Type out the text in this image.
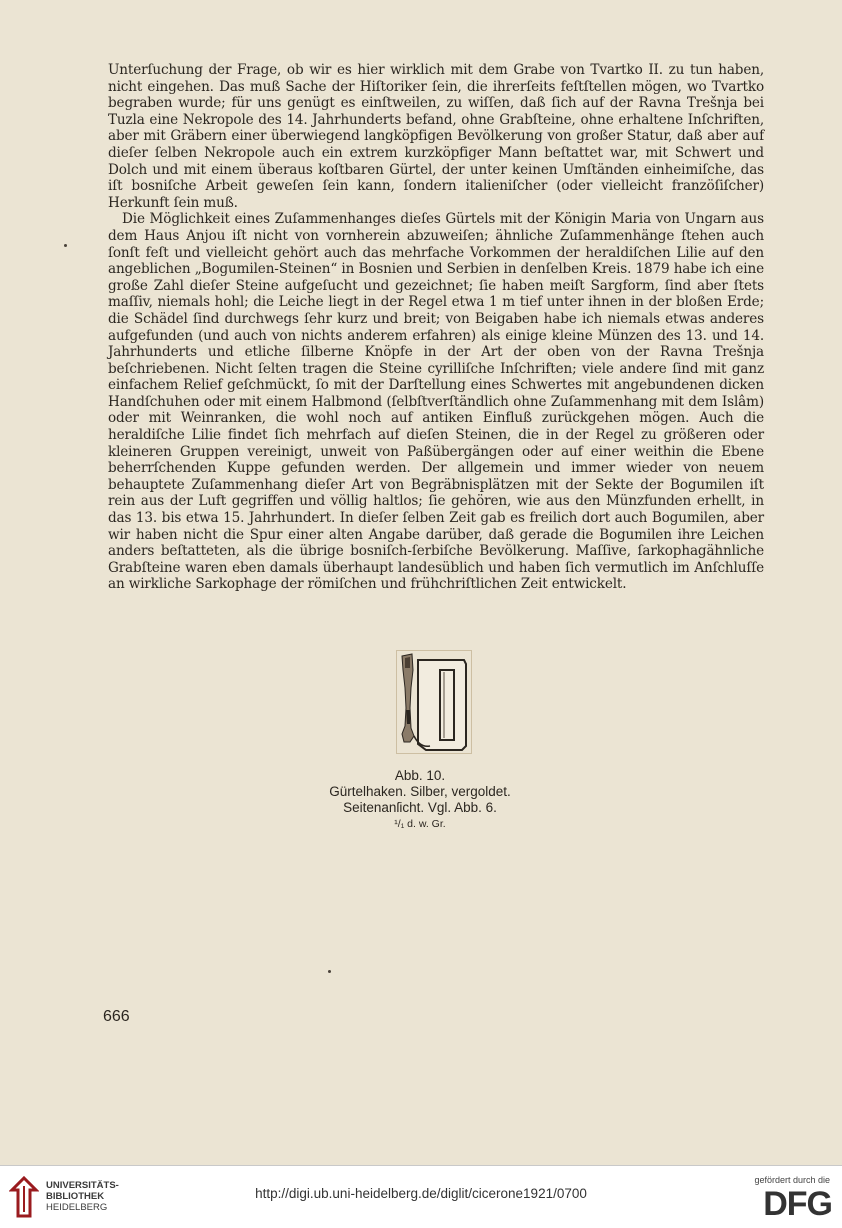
Unterſuchung der Frage, ob wir es hier wirklich mit dem Grabe von Tvartko II. zu tun haben, nicht eingehen. Das muß Sache der Hiſtoriker ſein, die ihrerſeits feſtſtellen mögen, wo Tvartko begraben wurde; für uns genügt es einſtweilen, zu wiſſen, daß ſich auf der Ravna Trešnja bei Tuzla eine Nekropole des 14. Jahrhunderts befand, ohne Grabſteine, ohne erhaltene Inſchriften, aber mit Gräbern einer überwiegend langköpfigen Bevölkerung von großer Statur, daß aber auf dieſer ſelben Nekropole auch ein extrem kurzköpfiger Mann beſtattet war, mit Schwert und Dolch und mit einem überaus koſtbaren Gürtel, der unter keinen Umſtänden einheimiſche, das iſt bosniſche Arbeit geweſen ſein kann, ſondern italieniſcher (oder vielleicht franzöſiſcher) Herkunft ſein muß.

Die Möglichkeit eines Zuſammenhanges dieſes Gürtels mit der Königin Maria von Ungarn aus dem Haus Anjou iſt nicht von vornherein abzuweiſen; ähnliche Zuſammenhänge ſtehen auch ſonſt feſt und vielleicht gehört auch das mehrfache Vorkommen der heraldiſchen Lilie auf den angeblichen „Bogumilen-Steinen“ in Bosnien und Serbien in denſelben Kreis. 1879 habe ich eine große Zahl dieſer Steine aufgeſucht und gezeichnet; ſie haben meiſt Sargform, ſind aber ſtets maſſiv, niemals hohl; die Leiche liegt in der Regel etwa 1 m tief unter ihnen in der bloßen Erde; die Schädel ſind durchwegs ſehr kurz und breit; von Beigaben habe ich niemals etwas anderes aufgefunden (und auch von nichts anderem erfahren) als einige kleine Münzen des 13. und 14. Jahrhunderts und etliche ſilberne Knöpfe in der Art der oben von der Ravna Trešnja beſchriebenen. Nicht ſelten tragen die Steine cyrilliſche Inſchriften; viele andere ſind mit ganz einfachem Relief geſchmückt, ſo mit der Darſtellung eines Schwertes mit angebundenen dicken Handſchuhen oder mit einem Halbmond (ſelbſtverſtändlich ohne Zuſammenhang mit dem Islâm) oder mit Weinranken, die wohl noch auf antiken Einfluß zurückgehen mögen. Auch die heraldiſche Lilie findet ſich mehrfach auf dieſen Steinen, die in der Regel zu größeren oder kleineren Gruppen vereinigt, unweit von Paßübergängen oder auf einer weithin die Ebene beherrſchenden Kuppe gefunden werden. Der allgemein und immer wieder von neuem behauptete Zuſammenhang dieſer Art von Begräbnisplätzen mit der Sekte der Bogumilen iſt rein aus der Luft gegriffen und völlig haltlos; ſie gehören, wie aus den Münzfunden erhellt, in das 13. bis etwa 15. Jahrhundert. In dieſer ſelben Zeit gab es freilich dort auch Bogumilen, aber wir haben nicht die Spur einer alten Angabe darüber, daß gerade die Bogumilen ihre Leichen anders beſtatteten, als die übrige bosniſch-ſerbiſche Bevölkerung. Maſſive, ſarkophagähnliche Grabſteine waren eben damals überhaupt landesüblich und haben ſich vermutlich im Anſchluſſe an wirkliche Sarkophage der römiſchen und frühchriſtlichen Zeit entwickelt.

Abb. 10.
Gürtelhaken. Silber, vergoldet.
Seitenanſicht. Vgl. Abb. 6.
¹/₁ d. w. Gr.
666
UNIVERSITÄTS-
BIBLIOTHEK
HEIDELBERG
http://digi.ub.uni-heidelberg.de/diglit/cicerone1921/0700
gefördert durch die
DFG
